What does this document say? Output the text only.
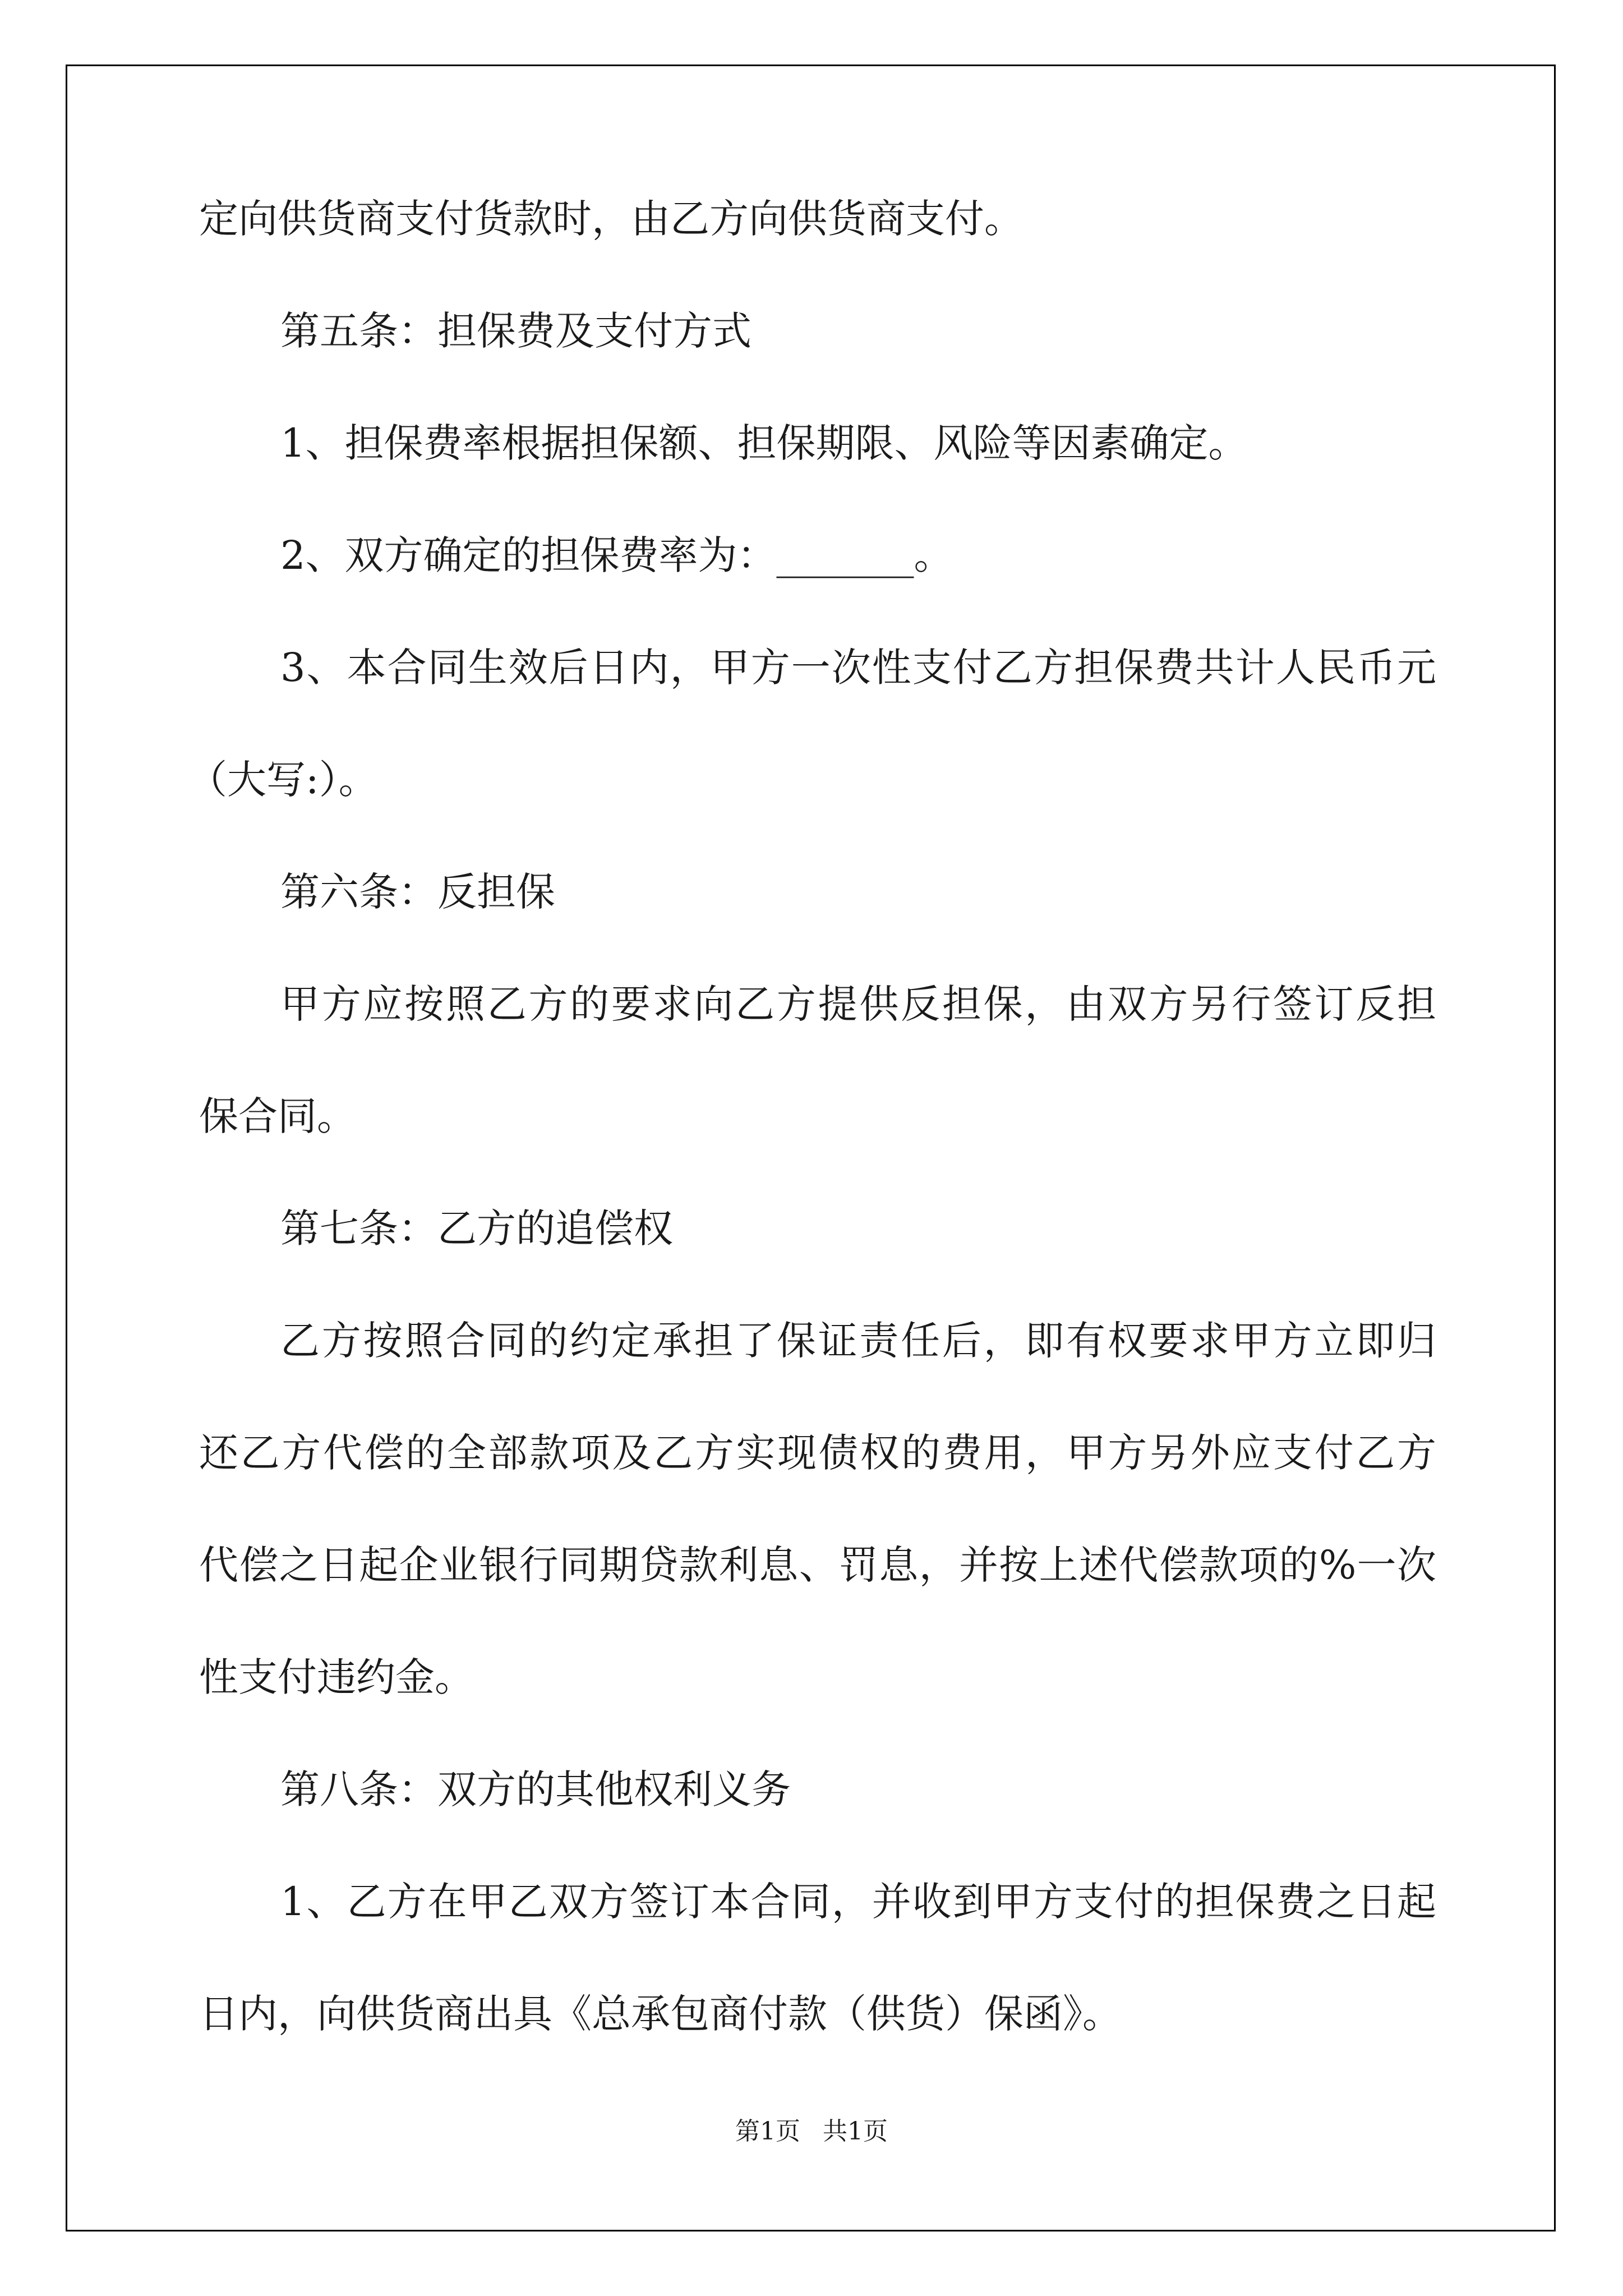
定向供货商支付货款时，由乙方向供货商支付。
第五条：担保费及支付方式
1、担保费率根据担保额、担保期限、风险等因素确定。
2、双方确定的担保费率为：_______。
3、本合同生效后日内，甲方一次性支付乙方担保费共计人民币元
（大写:）。
第六条：反担保
甲方应按照乙方的要求向乙方提供反担保，由双方另行签订反担
保合同。
第七条：乙方的追偿权
乙方按照合同的约定承担了保证责任后，即有权要求甲方立即归
还乙方代偿的全部款项及乙方实现债权的费用，甲方另外应支付乙方
代偿之日起企业银行同期贷款利息、罚息，并按上述代偿款项的%一次
性支付违约金。
第八条：双方的其他权利义务
1、乙方在甲乙双方签订本合同，并收到甲方支付的担保费之日起
日内，向供货商出具《总承包商付款（供货）保函》。
第1页 共1页
